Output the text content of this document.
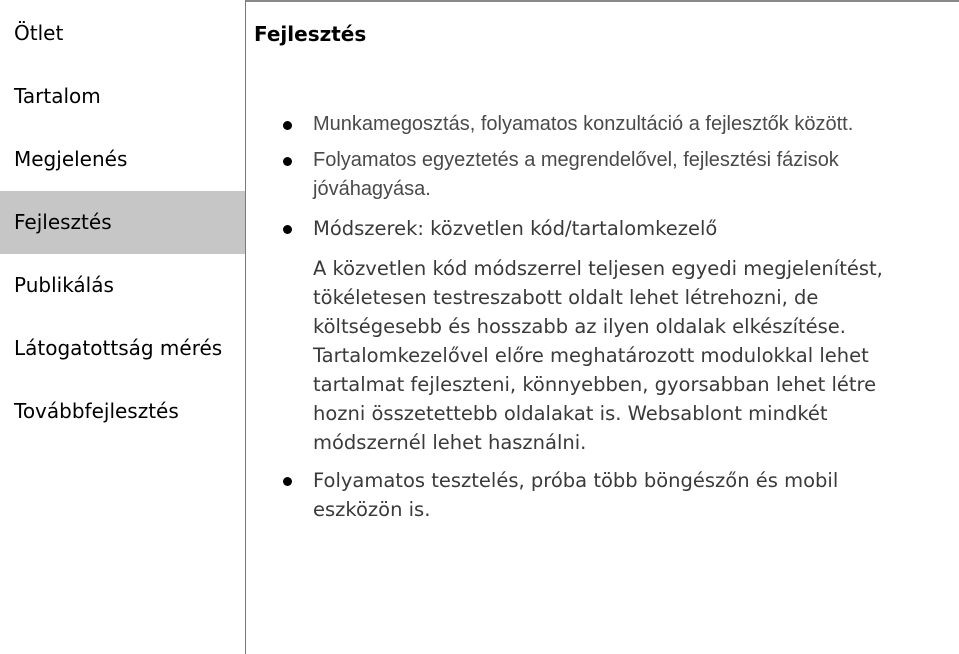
Ötlet
Tartalom
Megjelenés
Fejlesztés
Publikálás
Látogatottság mérés
Továbbfejlesztés
Fejlesztés
Munkamegosztás, folyamatos konzultáció a fejlesztők között.
Folyamatos egyeztetés a megrendelővel, fejlesztési fázisok jóváhagyása.
Módszerek: közvetlen kód/tartalomkezelő
A közvetlen kód módszerrel teljesen egyedi megjelenítést, tökéletesen testreszabott oldalt lehet létrehozni, de költségesebb és hosszabb az ilyen oldalak elkészítése. Tartalomkezelővel előre meghatározott modulokkal lehet tartalmat fejleszteni, könnyebben, gyorsabban lehet létre hozni összetettebb oldalakat is. Websablont mindkét módszernél lehet használni.
Folyamatos tesztelés, próba több böngészőn és mobil eszközön is.
